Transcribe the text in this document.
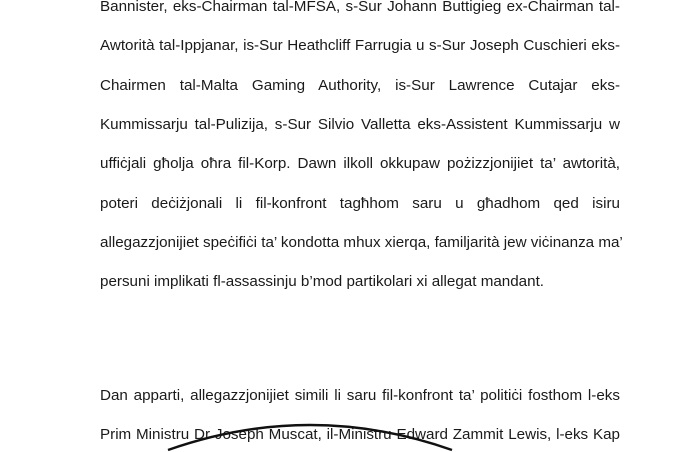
Bannister, eks-Chairman tal-MFSA, s-Sur Johann Buttigieg ex-Chairman tal-
Awtorità tal-Ippjanar, is-Sur Heathcliff Farrugia u s-Sur Joseph Cuschieri eks-
Chairmen tal-Malta Gaming Authority, is-Sur Lawrence Cutajar eks-
Kummissarju tal-Pulizija, s-Sur Silvio Valletta eks-Assistent Kummissarju w
uffiċjali għolja oħra fil-Korp. Dawn ilkoll okkupaw pożizzjonijiet ta’ awtorità,
poteri deċiżjonali li fil-konfront tagħhom saru u għadhom qed isiru
allegazzjonijiet speċifiċi ta’ kondotta mhux xierqa, familjarità jew viċinanza ma’
persuni implikati fl-assassinju b’mod partikolari xi allegat mandant.

Dan apparti, allegazzjonijiet simili li saru fil-konfront ta’ politiċi fosthom l-eks
Prim Ministru Dr Joseph Muscat, il-Ministru Edward Zammit Lewis, l-eks Kap
